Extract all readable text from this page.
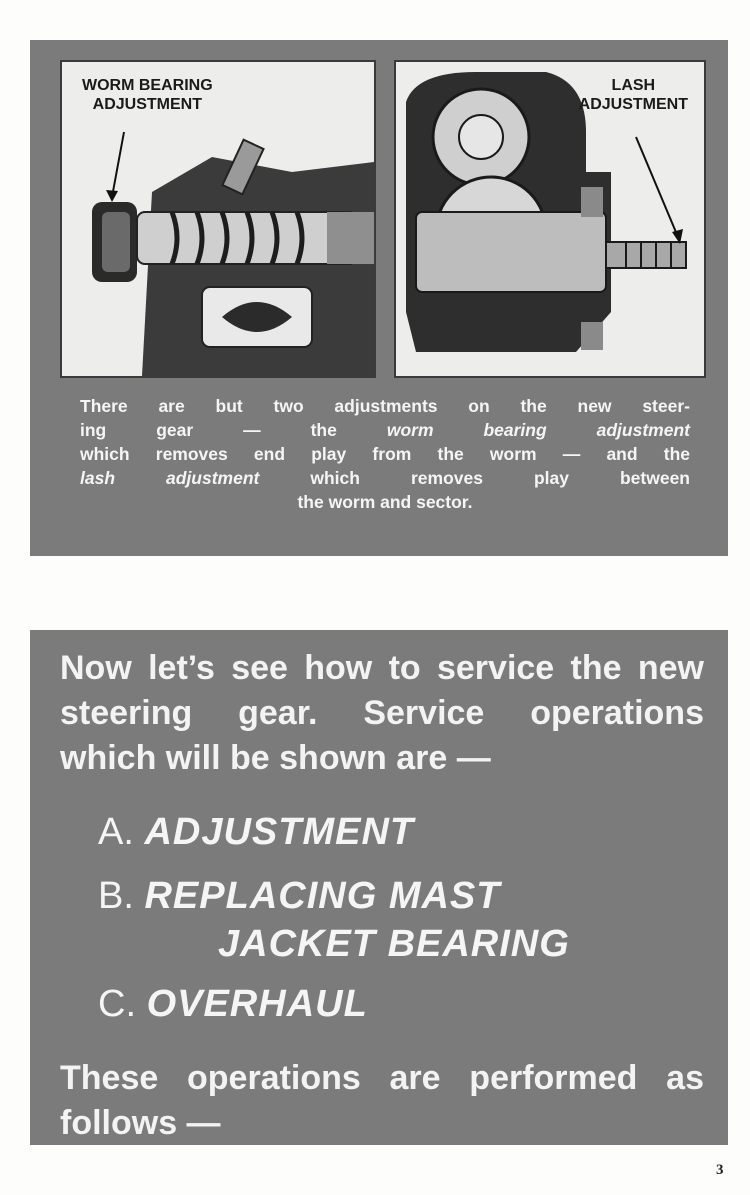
WORM BEARING
ADJUSTMENT
LASH
ADJUSTMENT
There are but two adjustments on the new steer-
ing gear — the	worm bearing adjustment
which removes end play from the worm — and the
lash adjustment	which removes play between
the worm and sector.
Now let’s see how to service the new
steering gear. Service operations
which will be shown are —
A. ADJUSTMENT
B. REPLACING MAST
JACKET BEARING
C. OVERHAUL
These operations are performed as
follows —
3
